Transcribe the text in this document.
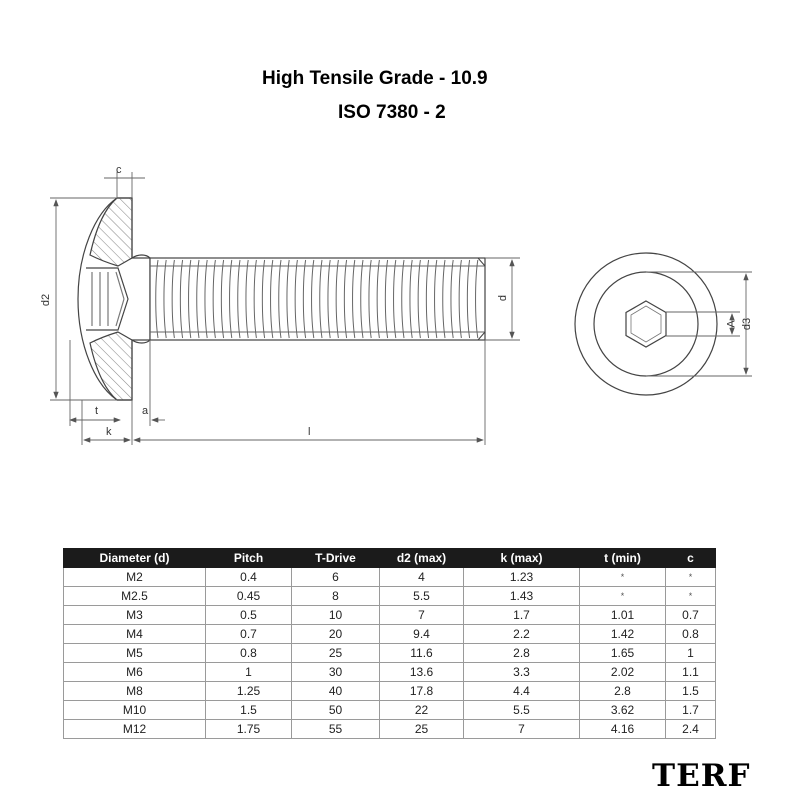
High Tensile Grade - 10.9
ISO 7380 - 2
c
d2	d
t	a
k	l
A d3
Diameter (d)	Pitch	T-Drive	d2 (max)	k (max)	t (min)	c
M2	0.4	6	4	1.23	*	*
M2.5	0.45	8	5.5	1.43	*	*
M3	0.5	10	7	1.7	1.01	0.7
M4	0.7	20	9.4	2.2	1.42	0.8
M5	0.8	25	11.6	2.8	1.65	1
M6	1	30	13.6	3.3	2.02	1.1
M8	1.25	40	17.8	4.4	2.8	1.5
M10	1.5	50	22	5.5	3.62	1.7
M12	1.75	55	25	7	4.16	2.4
TERF
